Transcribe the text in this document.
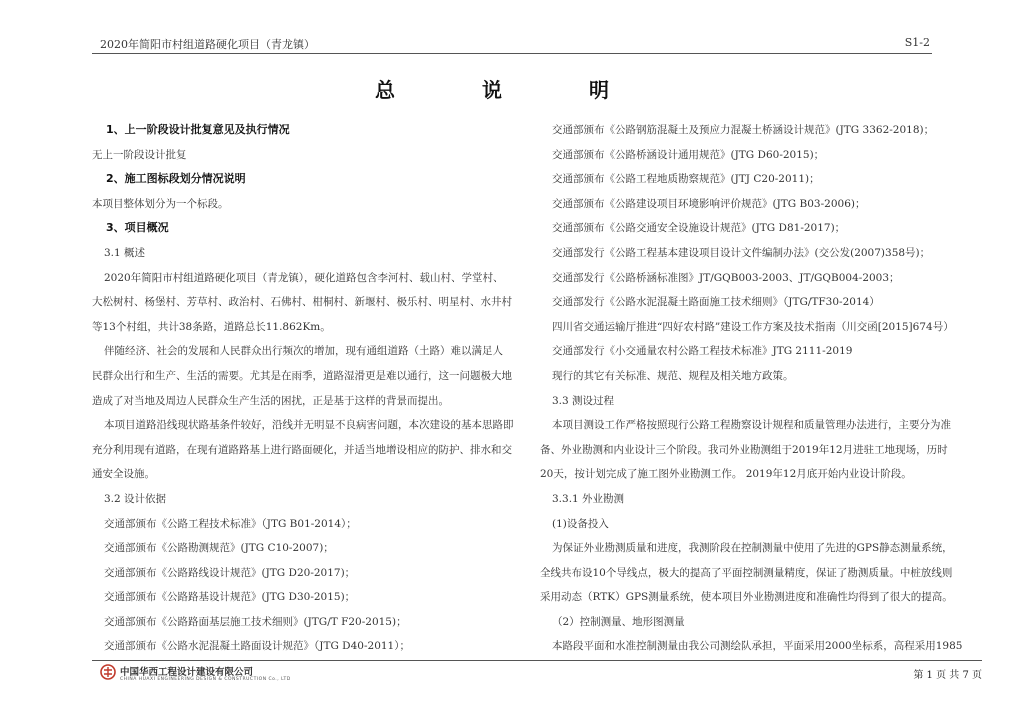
2020年简阳市村组道路硬化项目（青龙镇）	S1-2
总 说 明

1、上一阶段设计批复意见及执行情况

无上一阶段设计批复

2、施工图标段划分情况说明

本项目整体划分为一个标段。

3、项目概况

3.1 概述

2020年简阳市村组道路硬化项目（青龙镇），硬化道路包含李河村、载山村、学堂村、
大松树村、杨堡村、芳草村、政治村、石佛村、柑桐村、新堰村、极乐村、明星村、水井村
等13个村组，共计38条路，道路总长11.862Km。

伴随经济、社会的发展和人民群众出行频次的增加，现有通组道路（土路）难以满足人
民群众出行和生产、生活的需要。尤其是在雨季，道路湿滑更是难以通行，这一问题极大地
造成了对当地及周边人民群众生产生活的困扰，正是基于这样的背景而提出。

本项目道路沿线现状路基条件较好，沿线并无明显不良病害问题，本次建设的基本思路即
充分利用现有道路，在现有道路路基上进行路面硬化，并适当地增设相应的防护、排水和交
通安全设施。

3.2 设计依据

交通部颁布《公路工程技术标准》（JTG B01-2014）；

交通部颁布《公路勘测规范》(JTG C10-2007)；

交通部颁布《公路路线设计规范》(JTG D20-2017)；

交通部颁布《公路路基设计规范》(JTG D30-2015)；

交通部颁布《公路路面基层施工技术细则》(JTG/T F20-2015)；

交通部颁布《公路水泥混凝土路面设计规范》（JTG D40-2011）；

交通部颁布《公路钢筋混凝土及预应力混凝土桥涵设计规范》(JTG 3362-2018)；

交通部颁布《公路桥涵设计通用规范》(JTG D60-2015)；

交通部颁布《公路工程地质勘察规范》(JTJ C20-2011)；

交通部颁布《公路建设项目环境影响评价规范》(JTG B03-2006)；

交通部颁布《公路交通安全设施设计规范》(JTG D81-2017)；

交通部发行《公路工程基本建设项目设计文件编制办法》(交公发(2007)358号)；

交通部发行《公路桥涵标准图》JT/GQB003-2003、JT/GQB004-2003；

交通部发行《公路水泥混凝土路面施工技术细则》（JTG/TF30-2014）

四川省交通运输厅推进“四好农村路”建设工作方案及技术指南（川交函[2015]674号）

交通部发行《小交通量农村公路工程技术标准》JTG 2111-2019

现行的其它有关标准、规范、规程及相关地方政策。

3.3 测设过程

本项目测设工作严格按照现行公路工程勘察设计规程和质量管理办法进行，主要分为准
备、外业勘测和内业设计三个阶段。我司外业勘测组于2019年12月进驻工地现场，历时
20天，按计划完成了施工图外业勘测工作。 2019年12月底开始内业设计阶段。

3.3.1 外业勘测

(1)设备投入

为保证外业勘测质量和进度，我测阶段在控制测量中使用了先进的GPS静态测量系统，
全线共布设10个导线点，极大的提高了平面控制测量精度，保证了勘测质量。中桩放线则
采用动态（RTK）GPS测量系统，使本项目外业勘测进度和准确性均得到了很大的提高。

（2）控制测量、地形图测量

本路段平面和水准控制测量由我公司测绘队承担，平面采用2000坐标系，高程采用1985

中国华西工程设计建设有限公司
CHINA HUAXI ENGINEERING DESIGN & CONSTRUCTION Co., LTD	第 1 页 共 7 页
